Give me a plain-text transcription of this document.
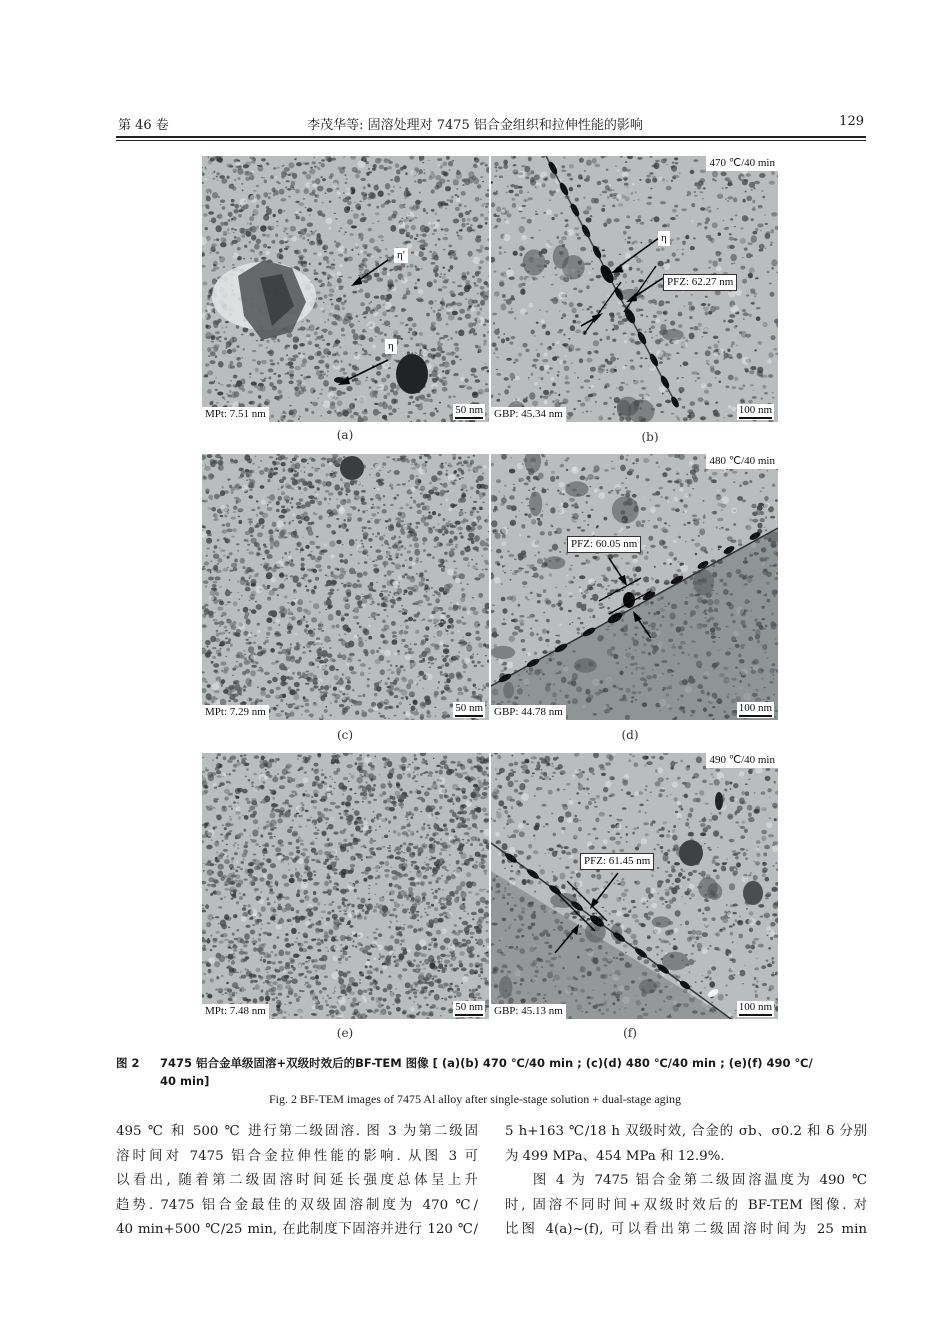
第 46 卷	李茂华等: 固溶处理对 7475 铝合金组织和拉伸性能的影响	129
η′
η
MPt: 7.51 nm	50 nm
(a)
470 ℃/40 min
η
PFZ: 62.27 nm
GBP: 45.34 nm	100 nm
(b)
MPt: 7.29 nm	50 nm
(c)
480 ℃/40 min
PFZ: 60.05 nm
GBP: 44.78 nm	100 nm
(d)
MPt: 7.48 nm	50 nm
(e)
490 ℃/40 min
PFZ: 61.45 nm
GBP: 45.13 nm	100 nm
(f)
图 2 7475 铝合金单级固溶+双级时效后的BF-TEM 图像 [ (a)(b) 470 ℃/40 min ; (c)(d) 480 ℃/40 min ; (e)(f) 490 ℃/
40 min]
Fig. 2 BF-TEM images of 7475 Al alloy after single-stage solution + dual-stage aging

495 ℃ 和 500 ℃ 进行第二级固溶. 图 3 为第二级固

溶时间对 7475 铝合金拉伸性能的影响. 从图 3 可

以看出, 随着第二级固溶时间延长强度总体呈上升

趋势. 7475 铝合金最佳的双级固溶制度为 470 ℃/

40 min+500 ℃/25 min, 在此制度下固溶并进行 120 ℃/

5 h+163 ℃/18 h 双级时效, 合金的 σb、σ0.2 和 δ 分别

为 499 MPa、454 MPa 和 12.9%.

图 4 为 7475 铝合金第二级固溶温度为 490 ℃

时, 固溶不同时间+双级时效后的 BF-TEM 图像. 对

比图 4(a)~(f), 可以看出第二级固溶时间为 25 min
